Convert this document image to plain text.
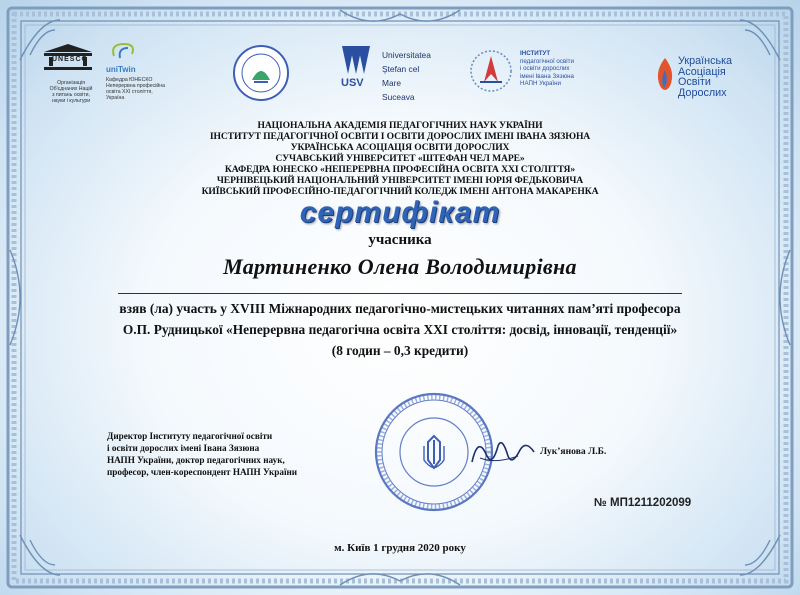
UNESCO
Організація
Об'єднаних Націй
з питань освіти,
науки і культури
uniTwin
Кафедра ЮНЕСКО
Неперервна професійна
освіта XXI століття,
Україна
USV
Universitatea
Ştefan cel Mare
Suceava
ІНСТИТУТ
педагогічної освіти
і освіти дорослих
імені Івана Зязюна
НАПН України
Українська
Асоціація
Освіти
Дорослих
НАЦІОНАЛЬНА АКАДЕМІЯ ПЕДАГОГІЧНИХ НАУК УКРАЇНИ
ІНСТИТУТ ПЕДАГОГІЧНОЇ ОСВІТИ І ОСВІТИ ДОРОСЛИХ ІМЕНІ ІВАНА ЗЯЗЮНА
УКРАЇНСЬКА АСОЦІАЦІЯ ОСВІТИ ДОРОСЛИХ
СУЧАВСЬКИЙ УНІВЕРСИТЕТ «ШТЕФАН ЧЕЛ МАРЕ»
КАФЕДРА ЮНЕСКО «НЕПЕРЕРВНА ПРОФЕСІЙНА ОСВІТА XXI СТОЛІТТЯ»
ЧЕРНІВЕЦЬКИЙ НАЦІОНАЛЬНИЙ УНІВЕРСИТЕТ ІМЕНІ ЮРІЯ ФЕДЬКОВИЧА
КИЇВСЬКИЙ ПРОФЕСІЙНО-ПЕДАГОГІЧНИЙ КОЛЕДЖ ІМЕНІ АНТОНА МАКАРЕНКА
сертифікат
учасника
Мартиненко Олена Володимирівна
взяв (ла) участь у XVIII Міжнародних педагогічно-мистецьких читаннях пам’яті професора
О.П. Рудницької «Неперервна педагогічна освіта ХХІ століття: досвід, інновації, тенденції»
(8 годин – 0,3 кредити)
Директор Інституту педагогічної освіти
і освіти дорослих імені Івана Зязюна
НАПН України, доктор педагогічних наук,
професор, член-кореспондент НАПН України
Лук’янова Л.Б.
№ МП1211202099
м. Київ 1 грудня 2020 року
